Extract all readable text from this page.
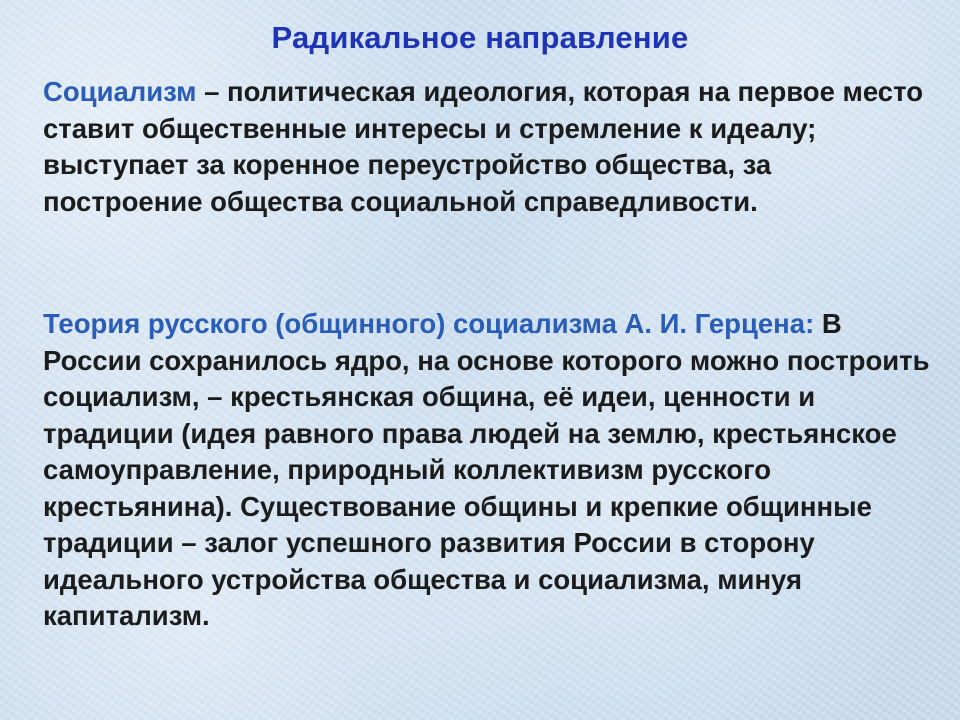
Радикальное направление

Социализм – политическая идеология, которая на первое место ставит общественные интересы и стремление к идеалу; выступает за коренное переустройство общества, за построение общества социальной справедливости.

Теория русского (общинного) социализма А. И. Герцена: В России сохранилось ядро, на основе которого можно построить социализм, – крестьянская община, её идеи, ценности и традиции (идея равного права людей на землю, крестьянское самоуправление, природный коллективизм русского крестьянина). Существование общины и крепкие общинные традиции – залог успешного развития России в сторону идеального устройства общества и социализма, минуя капитализм.
